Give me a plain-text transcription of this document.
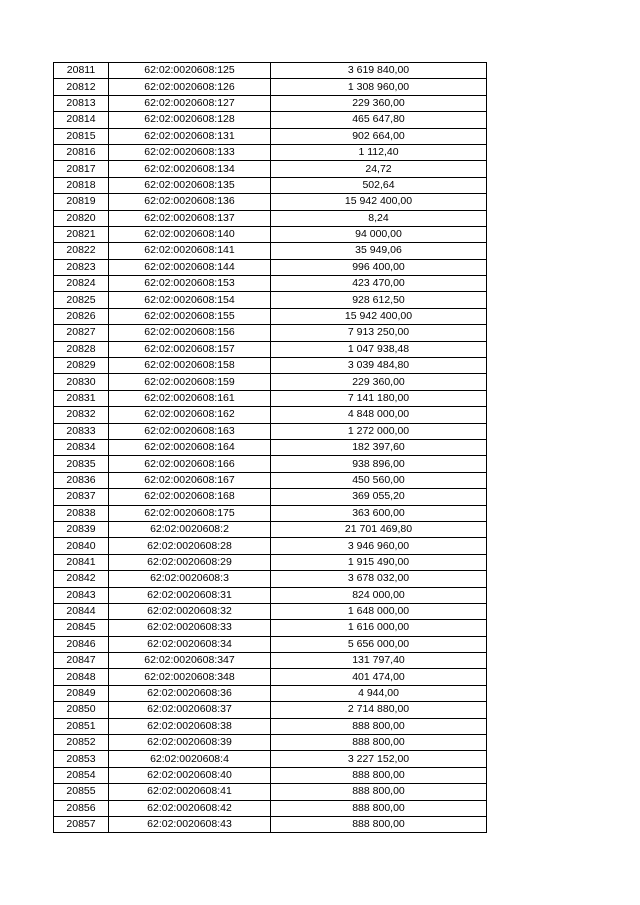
20811	62:02:0020608:125	3 619 840,00
20812	62:02:0020608:126	1 308 960,00
20813	62:02:0020608:127	229 360,00
20814	62:02:0020608:128	465 647,80
20815	62:02:0020608:131	902 664,00
20816	62:02:0020608:133	1 112,40
20817	62:02:0020608:134	24,72
20818	62:02:0020608:135	502,64
20819	62:02:0020608:136	15 942 400,00
20820	62:02:0020608:137	8,24
20821	62:02:0020608:140	94 000,00
20822	62:02:0020608:141	35 949,06
20823	62:02:0020608:144	996 400,00
20824	62:02:0020608:153	423 470,00
20825	62:02:0020608:154	928 612,50
20826	62:02:0020608:155	15 942 400,00
20827	62:02:0020608:156	7 913 250,00
20828	62:02:0020608:157	1 047 938,48
20829	62:02:0020608:158	3 039 484,80
20830	62:02:0020608:159	229 360,00
20831	62:02:0020608:161	7 141 180,00
20832	62:02:0020608:162	4 848 000,00
20833	62:02:0020608:163	1 272 000,00
20834	62:02:0020608:164	182 397,60
20835	62:02:0020608:166	938 896,00
20836	62:02:0020608:167	450 560,00
20837	62:02:0020608:168	369 055,20
20838	62:02:0020608:175	363 600,00
20839	62:02:0020608:2	21 701 469,80
20840	62:02:0020608:28	3 946 960,00
20841	62:02:0020608:29	1 915 490,00
20842	62:02:0020608:3	3 678 032,00
20843	62:02:0020608:31	824 000,00
20844	62:02:0020608:32	1 648 000,00
20845	62:02:0020608:33	1 616 000,00
20846	62:02:0020608:34	5 656 000,00
20847	62:02:0020608:347	131 797,40
20848	62:02:0020608:348	401 474,00
20849	62:02:0020608:36	4 944,00
20850	62:02:0020608:37	2 714 880,00
20851	62:02:0020608:38	888 800,00
20852	62:02:0020608:39	888 800,00
20853	62:02:0020608:4	3 227 152,00
20854	62:02:0020608:40	888 800,00
20855	62:02:0020608:41	888 800,00
20856	62:02:0020608:42	888 800,00
20857	62:02:0020608:43	888 800,00
